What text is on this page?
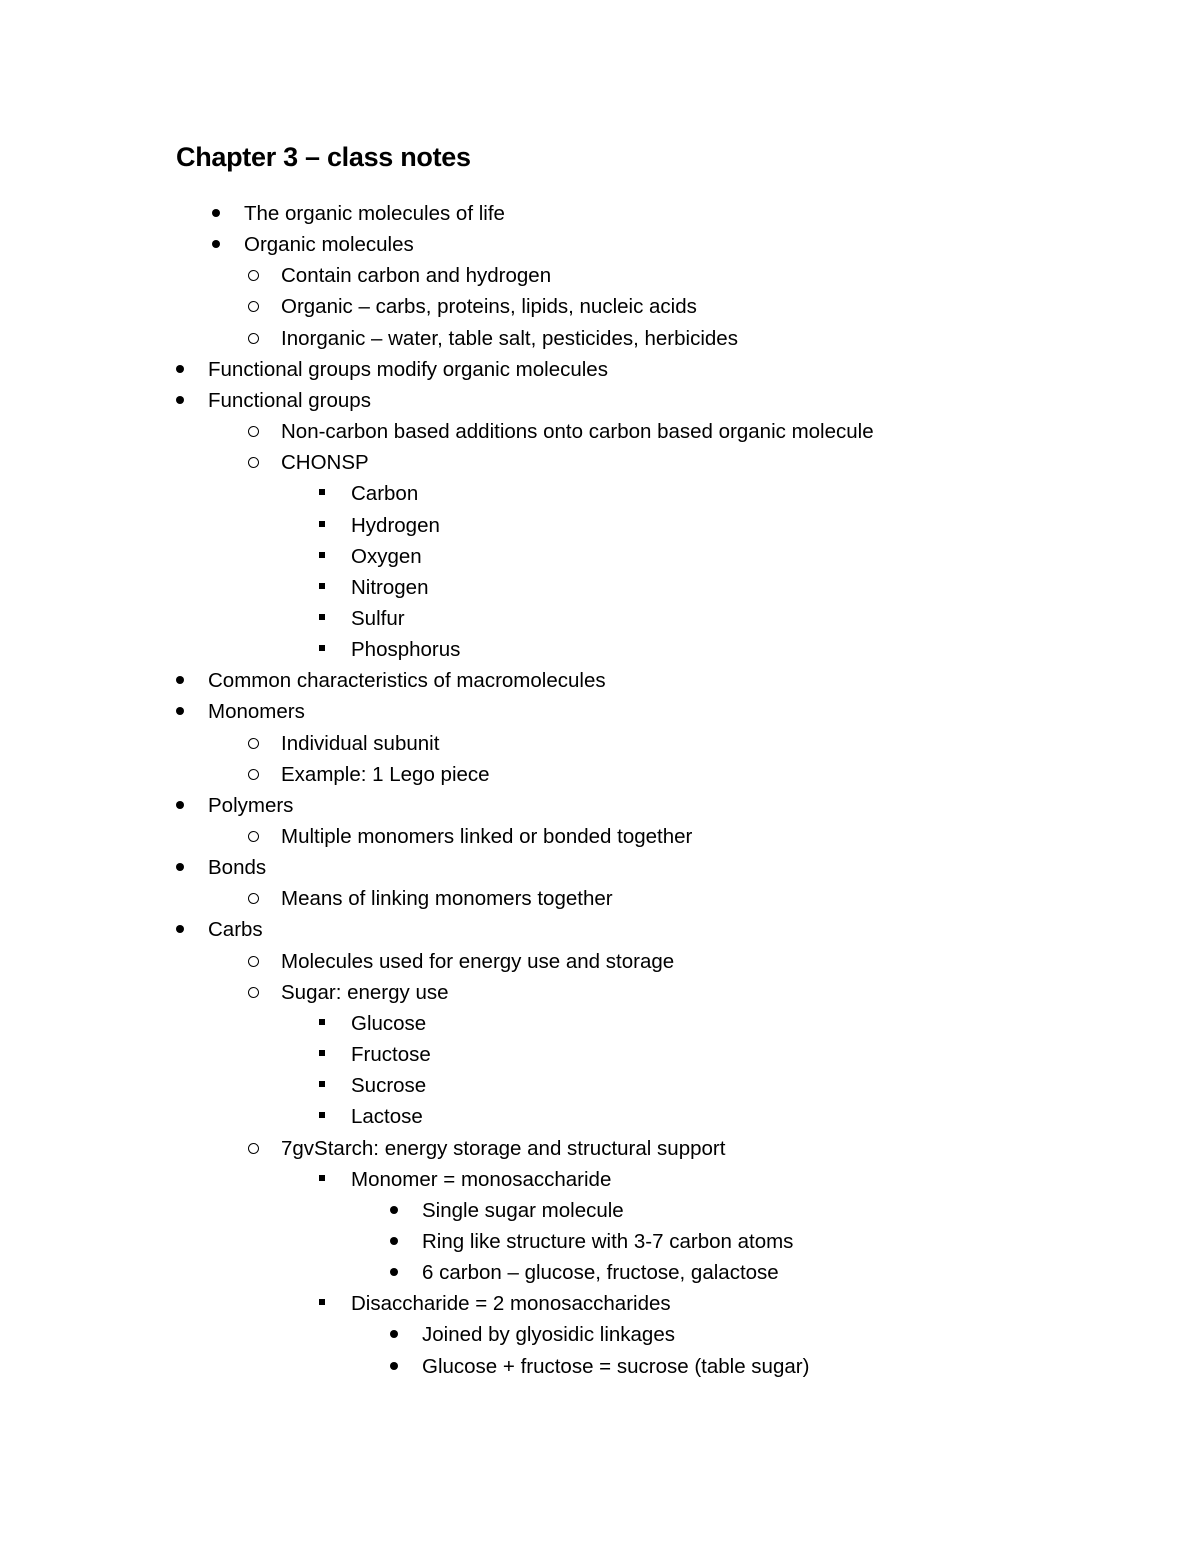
Chapter 3 – class notes
The organic molecules of life
Organic molecules
Contain carbon and hydrogen
Organic – carbs, proteins, lipids, nucleic acids
Inorganic – water, table salt, pesticides, herbicides
Functional groups modify organic molecules
Functional groups
Non-carbon based additions onto carbon based organic molecule
CHONSP
Carbon
Hydrogen
Oxygen
Nitrogen
Sulfur
Phosphorus
Common characteristics of macromolecules
Monomers
Individual subunit
Example: 1 Lego piece
Polymers
Multiple monomers linked or bonded together
Bonds
Means of linking monomers together
Carbs
Molecules used for energy use and storage
Sugar: energy use
Glucose
Fructose
Sucrose
Lactose
7gvStarch: energy storage and structural support
Monomer = monosaccharide
Single sugar molecule
Ring like structure with 3-7 carbon atoms
6 carbon – glucose, fructose, galactose
Disaccharide = 2 monosaccharides
Joined by glyosidic linkages
Glucose + fructose = sucrose (table sugar)
